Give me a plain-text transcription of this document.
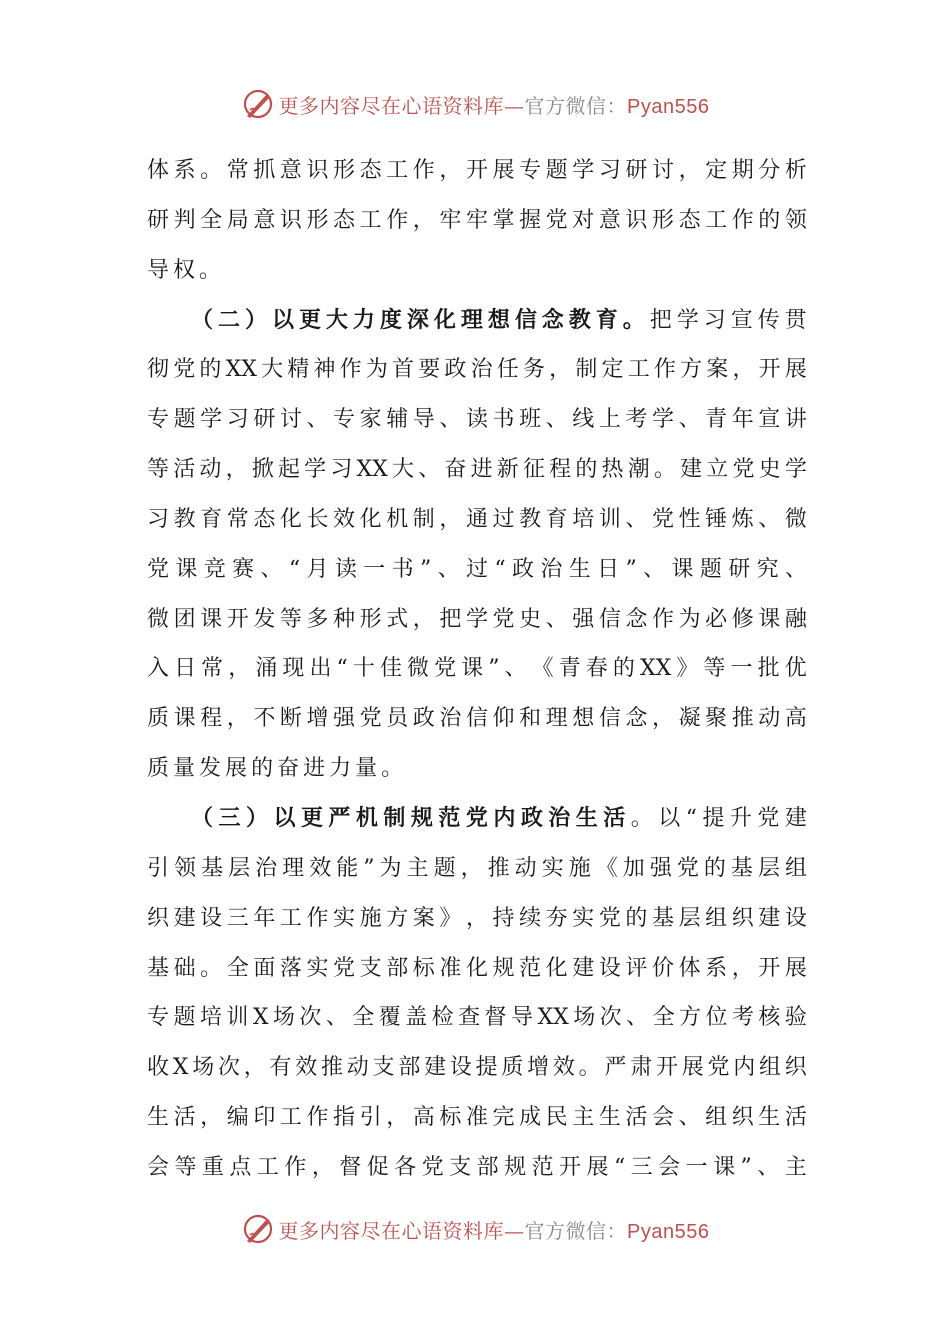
更多内容尽在心语资料库—官方微信：Pyan556
体 系 。 常 抓 意 识 形 态 工 作 ， 开 展 专 题 学 习 研 讨 ， 定 期 分 析
研 判 全 局 意 识 形 态 工 作 ， 牢 牢 掌 握 党 对 意 识 形 态 工 作 的 领
导 权 。
（ 二 ） 以 更 大 力 度 深 化 理 想 信 念 教 育 。 把 学 习 宣 传 贯
彻 党 的 XX 大 精 神 作 为 首 要 政 治 任 务 ， 制 定 工 作 方 案 ， 开 展
专 题 学 习 研 讨 、 专 家 辅 导 、 读 书 班 、 线 上 考 学 、 青 年 宣 讲
等 活 动 ， 掀 起 学 习 XX 大 、 奋 进 新 征 程 的 热 潮 。 建 立 党 史 学
习 教 育 常 态 化 长 效 化 机 制 ， 通 过 教 育 培 训 、 党 性 锤 炼 、 微
党 课 竞 赛 、 “ 月 读 一 书 ” 、 过 “ 政 治 生 日 ” 、 课 题 研 究 、
微 团 课 开 发 等 多 种 形 式 ， 把 学 党 史 、 强 信 念 作 为 必 修 课 融
入 日 常 ， 涌 现 出 “ 十 佳 微 党 课 ” 、 《 青 春 的 XX 》 等 一 批 优
质 课 程 ， 不 断 增 强 党 员 政 治 信 仰 和 理 想 信 念 ， 凝 聚 推 动 高
质 量 发 展 的 奋 进 力 量 。
（ 三 ） 以 更 严 机 制 规 范 党 内 政 治 生 活 。 以 “ 提 升 党 建
引 领 基 层 治 理 效 能 ” 为 主 题 ， 推 动 实 施 《 加 强 党 的 基 层 组
织 建 设 三 年 工 作 实 施 方 案 》 ， 持 续 夯 实 党 的 基 层 组 织 建 设
基 础 。 全 面 落 实 党 支 部 标 准 化 规 范 化 建 设 评 价 体 系 ， 开 展
专 题 培 训 X 场 次 、 全 覆 盖 检 查 督 导 XX 场 次 、 全 方 位 考 核 验
收 X 场 次 ， 有 效 推 动 支 部 建 设 提 质 增 效 。 严 肃 开 展 党 内 组 织
生 活 ， 编 印 工 作 指 引 ， 高 标 准 完 成 民 主 生 活 会 、 组 织 生 活
会 等 重 点 工 作 ， 督 促 各 党 支 部 规 范 开 展 “ 三 会 一 课 ” 、 主
更多内容尽在心语资料库—官方微信：Pyan556
